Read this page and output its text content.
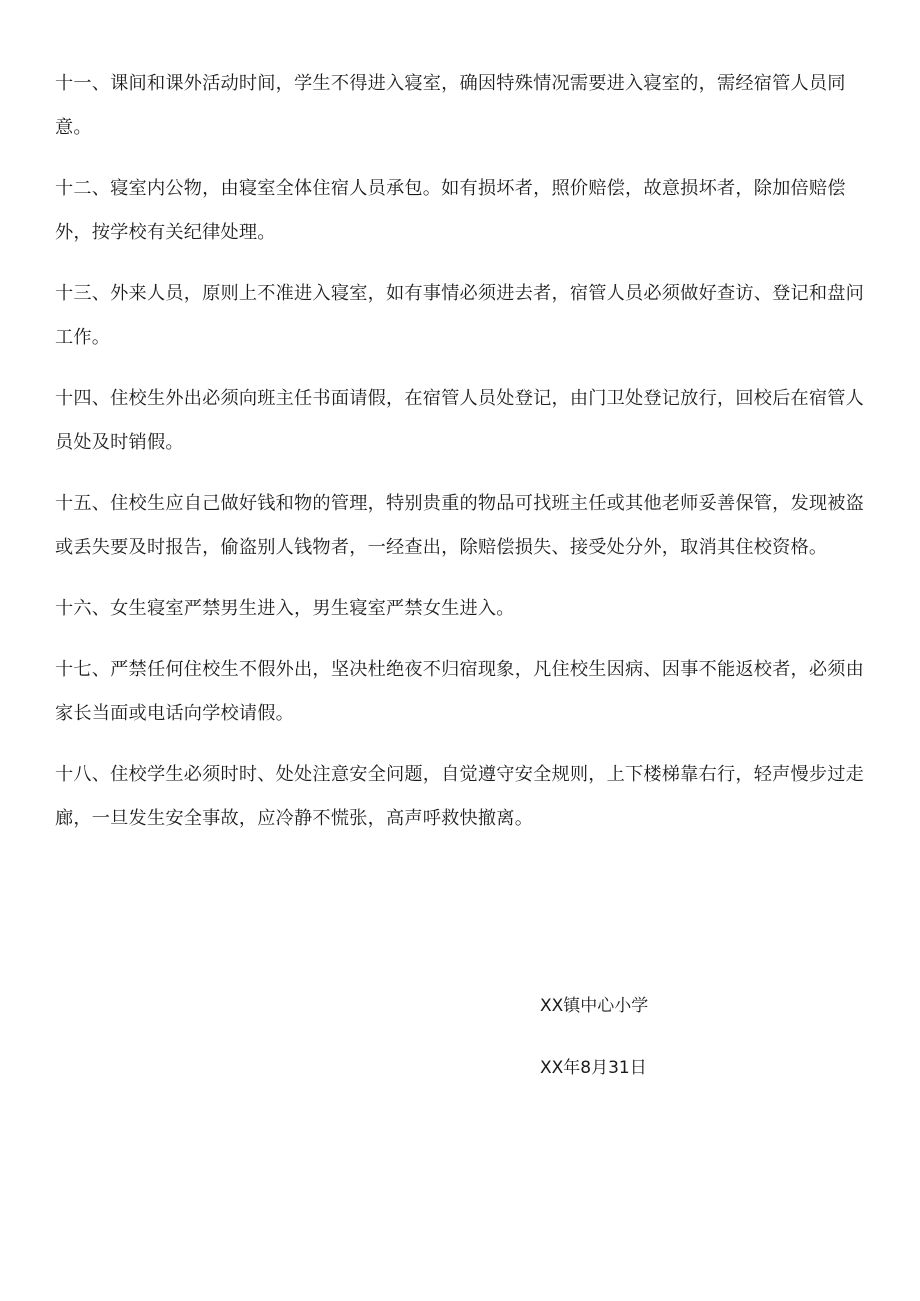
十一、课间和课外活动时间，学生不得进入寝室，确因特殊情况需要进入寝室的，需经宿管人员同意。

十二、寝室内公物，由寝室全体住宿人员承包。如有损坏者，照价赔偿，故意损坏者，除加倍赔偿外，按学校有关纪律处理。

十三、外来人员，原则上不准进入寝室，如有事情必须进去者，宿管人员必须做好查访、登记和盘问工作。

十四、住校生外出必须向班主任书面请假，在宿管人员处登记，由门卫处登记放行，回校后在宿管人员处及时销假。

十五、住校生应自己做好钱和物的管理，特别贵重的物品可找班主任或其他老师妥善保管，发现被盗或丢失要及时报告，偷盗别人钱物者，一经查出，除赔偿损失、接受处分外，取消其住校资格。

十六、女生寝室严禁男生进入，男生寝室严禁女生进入。

十七、严禁任何住校生不假外出，坚决杜绝夜不归宿现象，凡住校生因病、因事不能返校者，必须由家长当面或电话向学校请假。

十八、住校学生必须时时、处处注意安全问题，自觉遵守安全规则，上下楼梯靠右行，轻声慢步过走廊，一旦发生安全事故，应冷静不慌张，高声呼救快撤离。

XX镇中心小学
XX年8月31日
